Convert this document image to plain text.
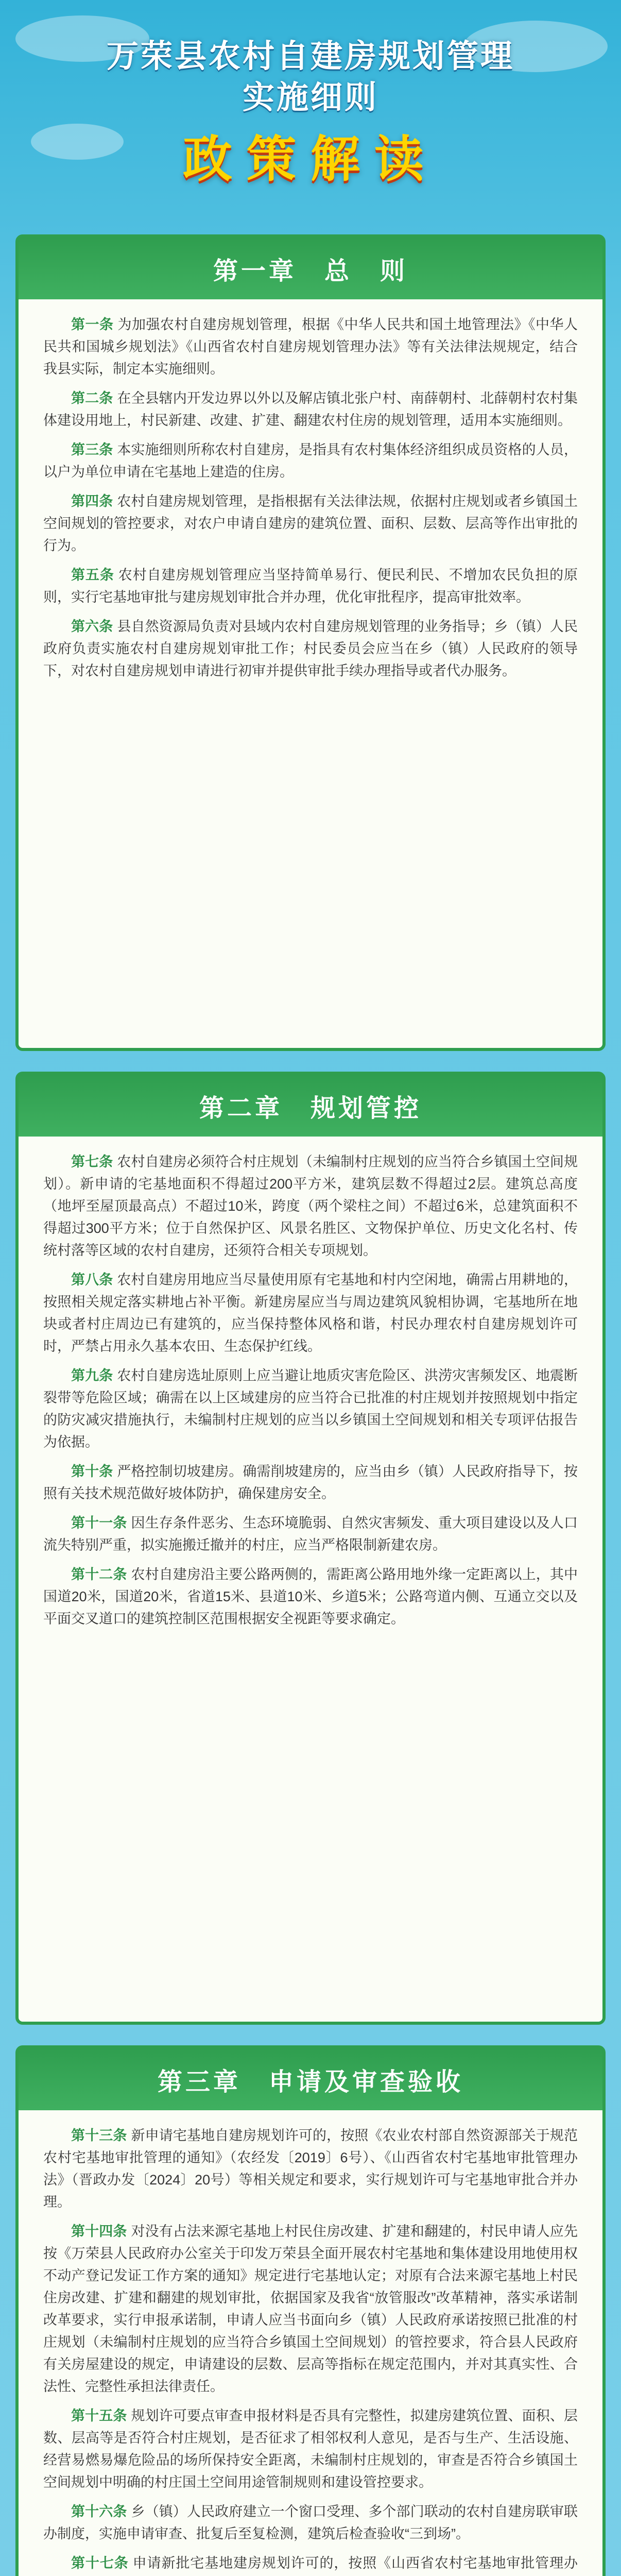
万荣县农村自建房规划管理
实施细则
政策解读
第一章　总　则

第一条 为加强农村自建房规划管理，根据《中华人民共和国土地管理法》《中华人民共和国城乡规划法》《山西省农村自建房规划管理办法》等有关法律法规规定，结合我县实际，制定本实施细则。

第二条 在全县辖内开发边界以外以及解店镇北张户村、南薛朝村、北薛朝村农村集体建设用地上，村民新建、改建、扩建、翻建农村住房的规划管理，适用本实施细则。

第三条 本实施细则所称农村自建房，是指具有农村集体经济组织成员资格的人员，以户为单位申请在宅基地上建造的住房。

第四条 农村自建房规划管理，是指根据有关法律法规，依据村庄规划或者乡镇国土空间规划的管控要求，对农户申请自建房的建筑位置、面积、层数、层高等作出审批的行为。

第五条 农村自建房规划管理应当坚持简单易行、便民利民、不增加农民负担的原则，实行宅基地审批与建房规划审批合并办理，优化审批程序，提高审批效率。

第六条 县自然资源局负责对县域内农村自建房规划管理的业务指导；乡（镇）人民政府负责实施农村自建房规划审批工作；村民委员会应当在乡（镇）人民政府的领导下，对农村自建房规划申请进行初审并提供审批手续办理指导或者代办服务。

第二章　规划管控

第七条 农村自建房必须符合村庄规划（未编制村庄规划的应当符合乡镇国土空间规划）。新申请的宅基地面积不得超过200平方米，建筑层数不得超过2层。建筑总高度（地坪至屋顶最高点）不超过10米，跨度（两个梁柱之间）不超过6米，总建筑面积不得超过300平方米；位于自然保护区、风景名胜区、文物保护单位、历史文化名村、传统村落等区域的农村自建房，还须符合相关专项规划。

第八条 农村自建房用地应当尽量使用原有宅基地和村内空闲地，确需占用耕地的，按照相关规定落实耕地占补平衡。新建房屋应当与周边建筑风貌相协调，宅基地所在地块或者村庄周边已有建筑的，应当保持整体风格和谐，村民办理农村自建房规划许可时，严禁占用永久基本农田、生态保护红线。

第九条 农村自建房选址原则上应当避让地质灾害危险区、洪涝灾害频发区、地震断裂带等危险区域；确需在以上区域建房的应当符合已批准的村庄规划并按照规划中指定的防灾减灾措施执行，未编制村庄规划的应当以乡镇国土空间规划和相关专项评估报告为依据。

第十条 严格控制切坡建房。确需削坡建房的，应当由乡（镇）人民政府指导下，按照有关技术规范做好坡体防护，确保建房安全。

第十一条 因生存条件恶劣、生态环境脆弱、自然灾害频发、重大项目建设以及人口流失特别严重，拟实施搬迁撤并的村庄，应当严格限制新建农房。

第十二条 农村自建房沿主要公路两侧的，需距离公路用地外缘一定距离以上，其中国道20米，国道20米，省道15米、县道10米、乡道5米；公路弯道内侧、互通立交以及平面交叉道口的建筑控制区范围根据安全视距等要求确定。

第三章　申请及审查验收

第十三条 新申请宅基地自建房规划许可的，按照《农业农村部自然资源部关于规范农村宅基地审批管理的通知》（农经发〔2019〕6号）、《山西省农村宅基地审批管理办法》（晋政办发〔2024〕20号）等相关规定和要求，实行规划许可与宅基地审批合并办理。

第十四条 对没有占法来源宅基地上村民住房改建、扩建和翻建的，村民申请人应先按《万荣县人民政府办公室关于印发万荣县全面开展农村宅基地和集体建设用地使用权不动产登记发证工作方案的通知》规定进行宅基地认定；对原有合法来源宅基地上村民住房改建、扩建和翻建的规划审批，依据国家及我省“放管服改”改革精神，落实承诺制改革要求，实行申报承诺制，申请人应当书面向乡（镇）人民政府承诺按照已批准的村庄规划（未编制村庄规划的应当符合乡镇国土空间规划）的管控要求，符合县人民政府有关房屋建设的规定，申请建设的层数、层高等指标在规定范围内，并对其真实性、合法性、完整性承担法律责任。

第十五条 规划许可要点审查申报材料是否具有完整性，拟建房建筑位置、面积、层数、层高等是否符合村庄规划，是否征求了相邻权利人意见，是否与生产、生活设施、经营易燃易爆危险品的场所保持安全距离，未编制村庄规划的，审查是否符合乡镇国土空间规划中明确的村庄国土空间用途管制规则和建设管控要求。

第十六条 乡（镇）人民政府建立一个窗口受理、多个部门联动的农村自建房联审联办制度，实施申请审查、批复后至复检测，建筑后检查验收“三到场”。

第十七条 申请新批宅基地建房规划许可的，按照《山西省农村宅基地审批管理办
